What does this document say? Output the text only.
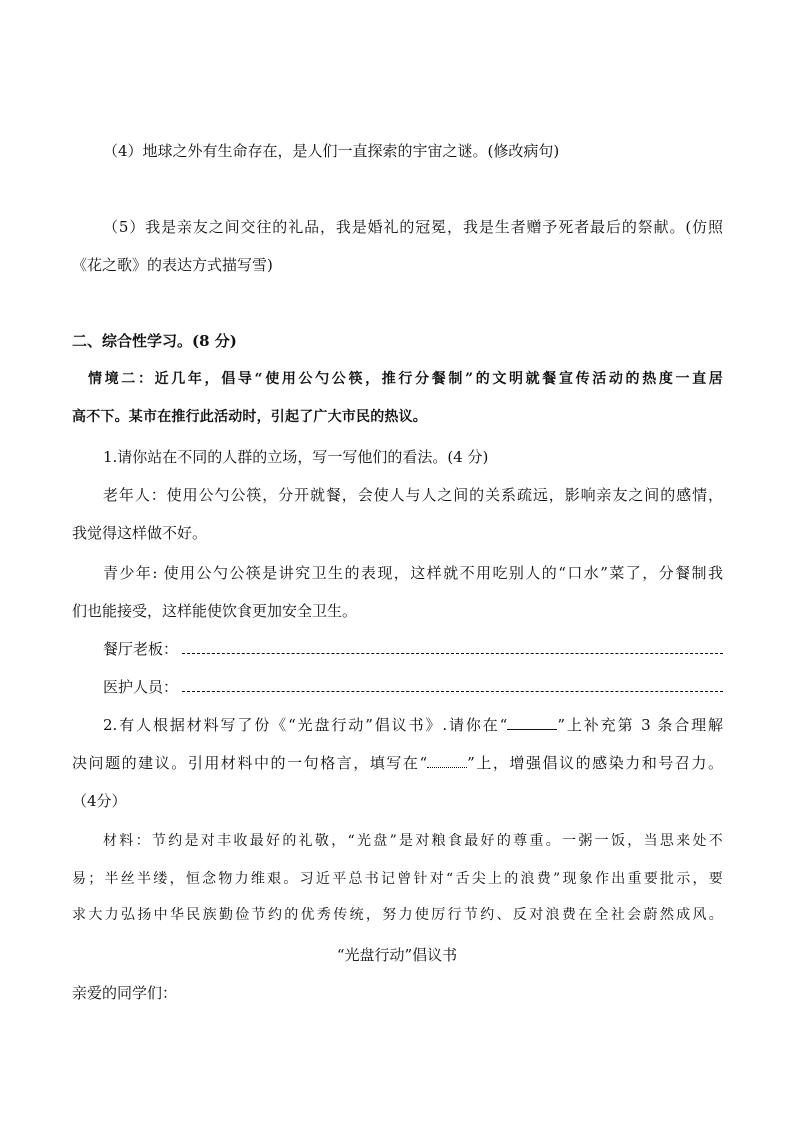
（4）地球之外有生命存在，是人们一直探索的宇宙之谜。(修改病句)
（5）我是亲友之间交往的礼品，我是婚礼的冠冕，我是生者赠予死者最后的祭献。(仿照
《花之歌》的表达方式描写雪)
二、综合性学习。(8 分)
情境二：近几年，倡导“使用公勺公筷，推行分餐制”的文明就餐宣传活动的热度一直居
高不下。某市在推行此活动时，引起了广大市民的热议。
1.请你站在不同的人群的立场，写一写他们的看法。(4 分)
老年人：使用公勺公筷，分开就餐，会使人与人之间的关系疏远，影响亲友之间的感情，
我觉得这样做不好。
青少年: 使用公勺公筷是讲究卫生的表现，这样就不用吃别人的“口水”菜了，分餐制我
们也能接受，这样能使饮食更加安全卫生。
餐厅老板：
医护人员：
2.有人根据材料写了份《“光盘行动”倡议书》.请你在“	”上补充第 3 条合理解
决问题的建议。引用材料中的一句格言，填写在“	”上，增强倡议的感染力和号召力。
（4分）
材料：节约是对丰收最好的礼敬，“光盘”是对粮食最好的尊重。一粥一饭，当思来处不
易；半丝半缕，恒念物力维艰。习近平总书记曾针对“舌尖上的浪费”现象作出重要批示，要
求大力弘扬中华民族勤俭节约的优秀传统，努力使厉行节约、反对浪费在全社会蔚然成风。
“光盘行动”倡议书
亲爱的同学们：
